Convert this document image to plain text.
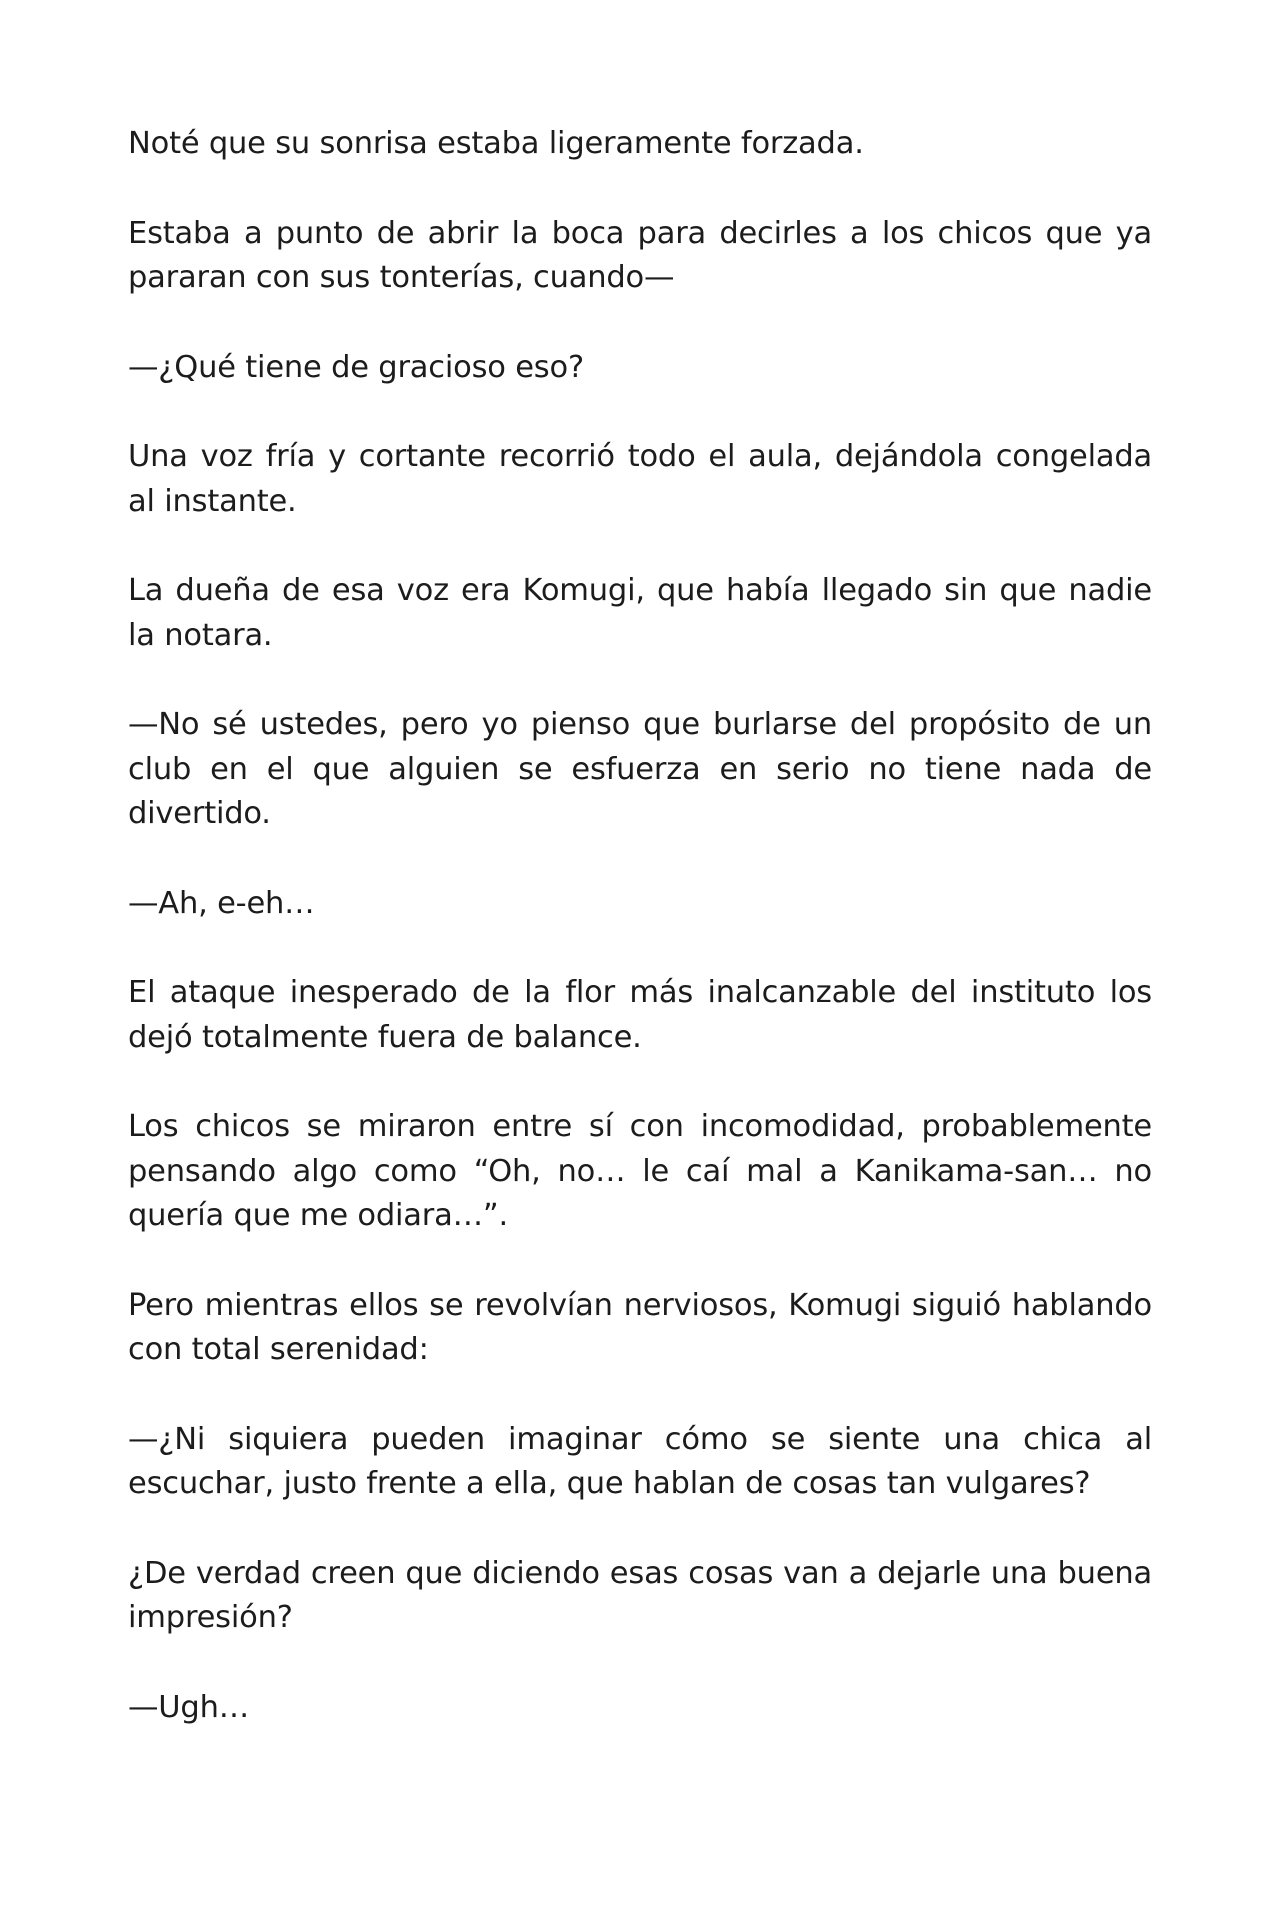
Noté que su sonrisa estaba ligeramente forzada.

Estaba a punto de abrir la boca para decirles a los chicos que ya pararan con sus tonterías, cuando—

—¿Qué tiene de gracioso eso?

Una voz fría y cortante recorrió todo el aula, dejándola congelada al instante.

La dueña de esa voz era Komugi, que había llegado sin que nadie la notara.

—No sé ustedes, pero yo pienso que burlarse del propósito de un club en el que alguien se esfuerza en serio no tiene nada de divertido.

—Ah, e-eh…

El ataque inesperado de la flor más inalcanzable del instituto los dejó totalmente fuera de balance.

Los chicos se miraron entre sí con incomodidad, probablemente pensando algo como “Oh, no… le caí mal a Kanikama-san… no quería que me odiara…”.

Pero mientras ellos se revolvían nerviosos, Komugi siguió hablando con total serenidad:

—¿Ni siquiera pueden imaginar cómo se siente una chica al escuchar, justo frente a ella, que hablan de cosas tan vulgares?

¿De verdad creen que diciendo esas cosas van a dejarle una buena impresión?

—Ugh…
